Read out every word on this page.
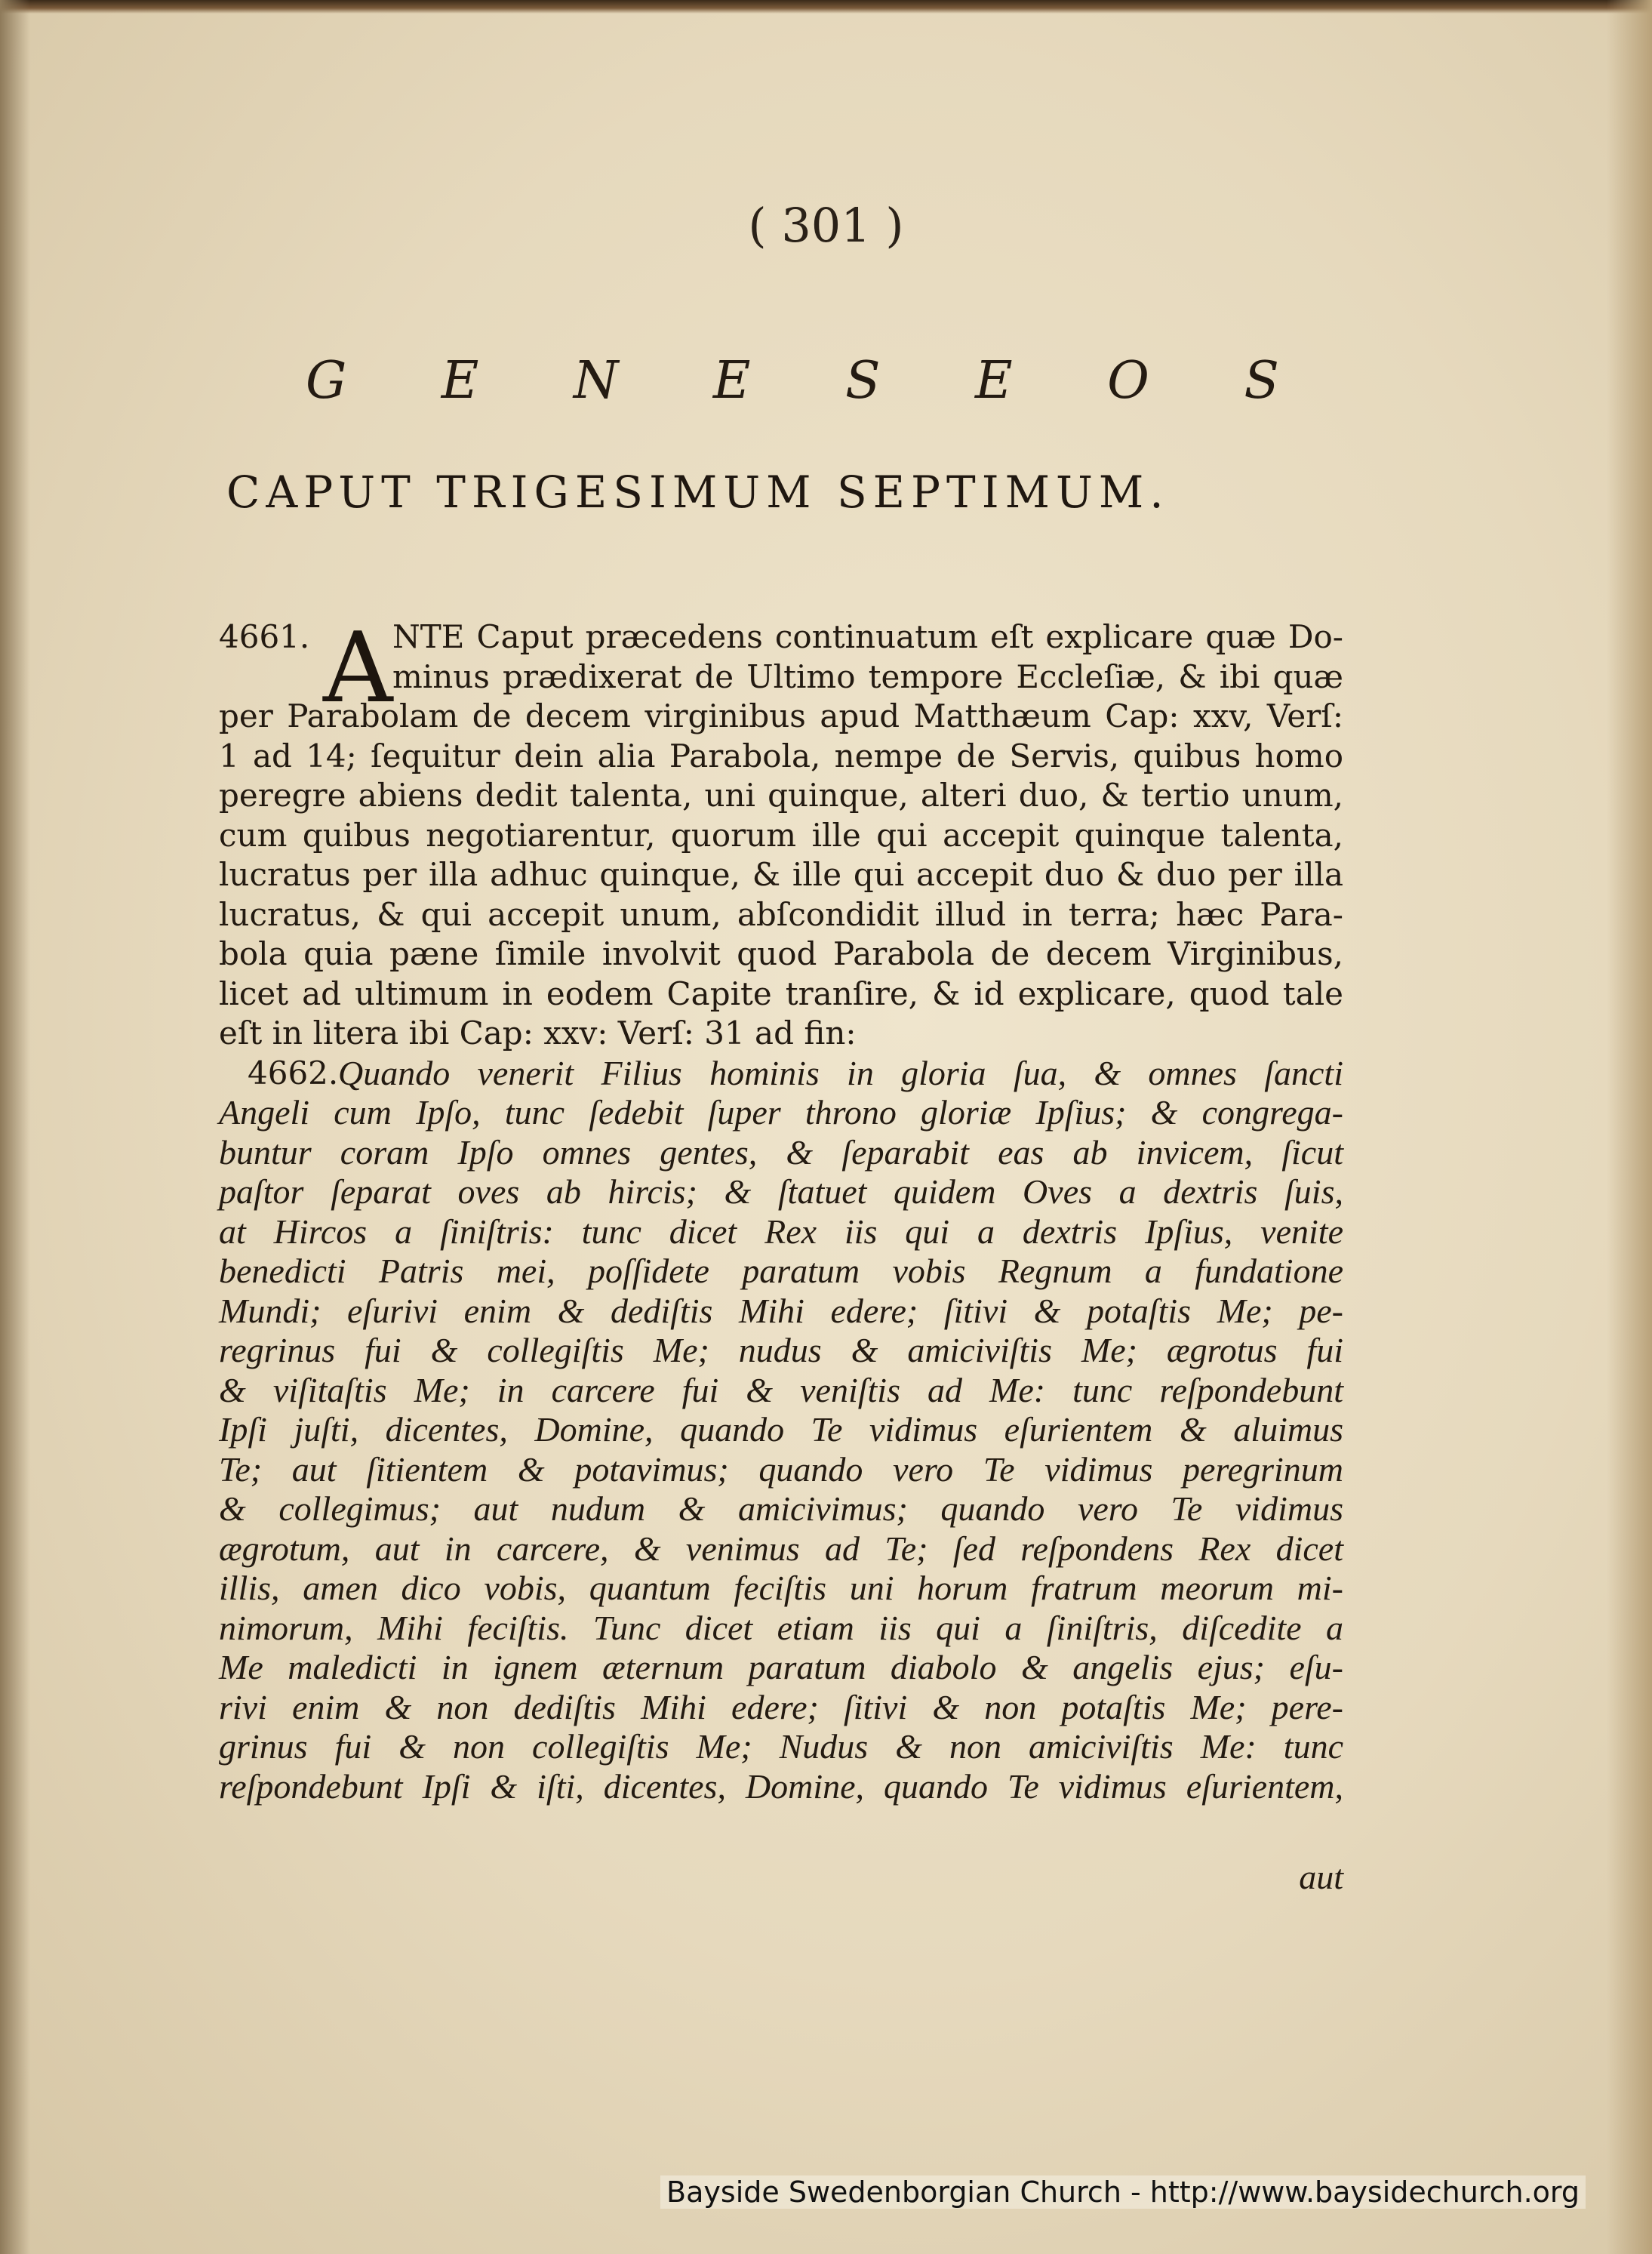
( 301 )

G E N E S E O S
CAPUT TRIGESIMUM SEPTIMUM.
A
4661.	NTE Caput præcedens continuatum eſt explicare quæ Do-
minus prædixerat de Ultimo tempore Eccleſiæ, & ibi quæ
per Parabolam de decem virginibus apud Matthæum Cap: xxv, Verſ:
1 ad 14; ſequitur dein alia Parabola, nempe de Servis, quibus homo
peregre abiens dedit talenta, uni quinque, alteri duo, & tertio unum,
cum quibus negotiarentur, quorum ille qui accepit quinque talenta,
lucratus per illa adhuc quinque, & ille qui accepit duo & duo per illa
lucratus, & qui accepit unum, abſcondidit illud in terra; hæc Para-
bola quia pæne ſimile involvit quod Parabola de decem Virginibus,
licet ad ultimum in eodem Capite tranſire, & id explicare, quod tale
eſt in litera ibi Cap: xxv: Verſ: 31 ad fin:
4662. Quando venerit Filius hominis in gloria ſua, & omnes ſancti
Angeli cum Ipſo, tunc ſedebit ſuper throno gloriæ Ipſius; & congrega-
buntur coram Ipſo omnes gentes, & ſeparabit eas ab invicem, ſicut
paſtor ſeparat oves ab hircis; & ſtatuet quidem Oves a dextris ſuis,
at Hircos a ſiniſtris: tunc dicet Rex iis qui a dextris Ipſius, venite
benedicti Patris mei, poſſidete paratum vobis Regnum a fundatione
Mundi; eſurivi enim & dediſtis Mihi edere; ſitivi & potaſtis Me; pe-
regrinus fui & collegiſtis Me; nudus & amiciviſtis Me; ægrotus fui
& viſitaſtis Me; in carcere fui & veniſtis ad Me: tunc reſpondebunt
Ipſi juſti, dicentes, Domine, quando Te vidimus eſurientem & aluimus
Te; aut ſitientem & potavimus; quando vero Te vidimus peregrinum
& collegimus; aut nudum & amicivimus; quando vero Te vidimus
ægrotum, aut in carcere, & venimus ad Te; ſed reſpondens Rex dicet
illis, amen dico vobis, quantum feciſtis uni horum fratrum meorum mi-
nimorum, Mihi feciſtis. Tunc dicet etiam iis qui a ſiniſtris, diſcedite a
Me maledicti in ignem æternum paratum diabolo & angelis ejus; eſu-
rivi enim & non dediſtis Mihi edere; ſitivi & non potaſtis Me; pere-
grinus fui & non collegiſtis Me; Nudus & non amiciviſtis Me: tunc
reſpondebunt Ipſi & iſti, dicentes, Domine, quando Te vidimus eſurientem,
aut
Bayside Swedenborgian Church - http://www.baysidechurch.org
